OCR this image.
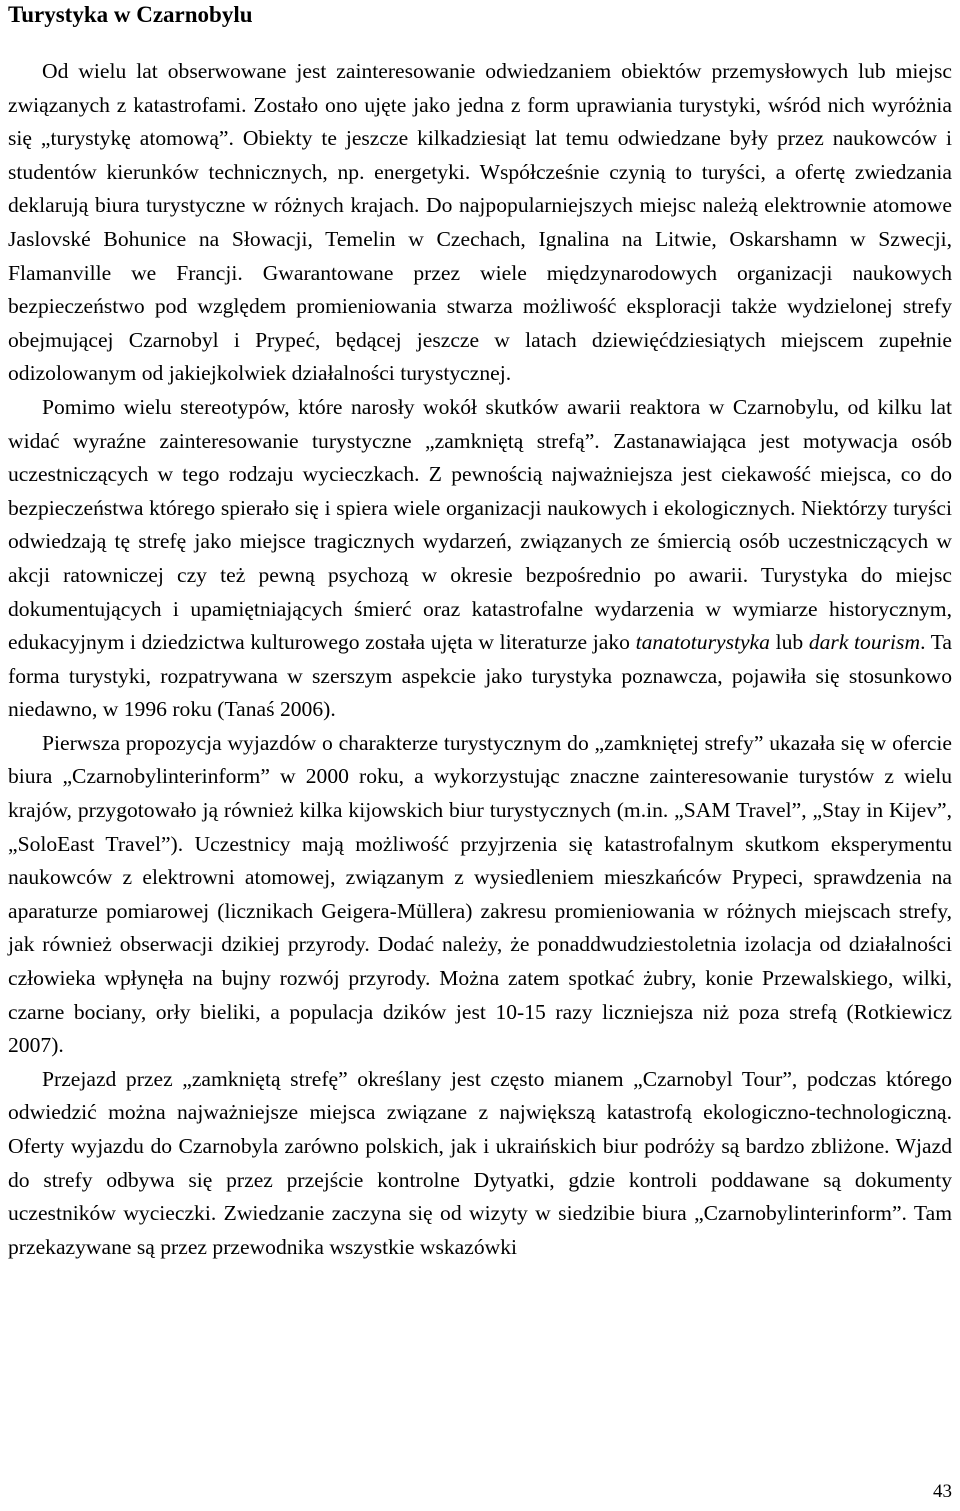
Turystyka w Czarnobylu

Od wielu lat obserwowane jest zainteresowanie odwiedzaniem obiektów przemysłowych lub miejsc związanych z katastrofami. Zostało ono ujęte jako jedna z form uprawiania turystyki, wśród nich wyróżnia się „turystykę atomową”. Obiekty te jeszcze kilkadziesiąt lat temu odwiedzane były przez naukowców i studentów kierunków technicznych, np. energetyki. Współcześnie czynią to turyści, a ofertę zwiedzania deklarują biura turystyczne w różnych krajach. Do najpopularniejszych miejsc należą elektrownie atomowe Jaslovské Bohunice na Słowacji, Temelin w Czechach, Ignalina na Litwie, Oskarshamn w Szwecji, Flamanville we Francji. Gwarantowane przez wiele międzynarodowych organizacji naukowych bezpieczeństwo pod względem promieniowania stwarza możliwość eksploracji także wydzielonej strefy obejmującej Czarnobyl i Prypeć, będącej jeszcze w latach dziewięćdziesiątych miejscem zupełnie odizolowanym od jakiejkolwiek działalności turystycznej.

Pomimo wielu stereotypów, które narosły wokół skutków awarii reaktora w Czarnobylu, od kilku lat widać wyraźne zainteresowanie turystyczne „zamkniętą strefą”. Zastanawiająca jest motywacja osób uczestniczących w tego rodzaju wycieczkach. Z pewnością najważniejsza jest ciekawość miejsca, co do bezpieczeństwa którego spierało się i spiera wiele organizacji naukowych i ekologicznych. Niektórzy turyści odwiedzają tę strefę jako miejsce tragicznych wydarzeń, związanych ze śmiercią osób uczestniczących w akcji ratowniczej czy też pewną psychozą w okresie bezpośrednio po awarii. Turystyka do miejsc dokumentujących i upamiętniających śmierć oraz katastrofalne wydarzenia w wymiarze historycznym, edukacyjnym i dziedzictwa kulturowego została ujęta w literaturze jako tanatoturystyka lub dark tourism. Ta forma turystyki, rozpatrywana w szerszym aspekcie jako turystyka poznawcza, pojawiła się stosunkowo niedawno, w 1996 roku (Tanaś 2006).

Pierwsza propozycja wyjazdów o charakterze turystycznym do „zamkniętej strefy” ukazała się w ofercie biura „Czarnobylinterinform” w 2000 roku, a wykorzystując znaczne zainteresowanie turystów z wielu krajów, przygotowało ją również kilka kijowskich biur turystycznych (m.in. „SAM Travel”, „Stay in Kijev”, „SoloEast Travel”). Uczestnicy mają możliwość przyjrzenia się katastrofalnym skutkom eksperymentu naukowców z elektrowni atomowej, związanym z wysiedleniem mieszkańców Prypeci, sprawdzenia na aparaturze pomiarowej (licznikach Geigera-Müllera) zakresu promieniowania w różnych miejscach strefy, jak również obserwacji dzikiej przyrody. Dodać należy, że ponaddwudziestoletnia izolacja od działalności człowieka wpłynęła na bujny rozwój przyrody. Można zatem spotkać żubry, konie Przewalskiego, wilki, czarne bociany, orły bieliki, a populacja dzików jest 10-15 razy liczniejsza niż poza strefą (Rotkiewicz 2007).

Przejazd przez „zamkniętą strefę” określany jest często mianem „Czarnobyl Tour”, podczas którego odwiedzić można najważniejsze miejsca związane z największą katastrofą ekologiczno-technologiczną. Oferty wyjazdu do Czarnobyla zarówno polskich, jak i ukraińskich biur podróży są bardzo zbliżone. Wjazd do strefy odbywa się przez przejście kontrolne Dytyatki, gdzie kontroli poddawane są dokumenty uczestników wycieczki. Zwiedzanie zaczyna się od wizyty w siedzibie biura „Czarnobylinterinform”. Tam przekazywane są przez przewodnika wszystkie wskazówki

43
